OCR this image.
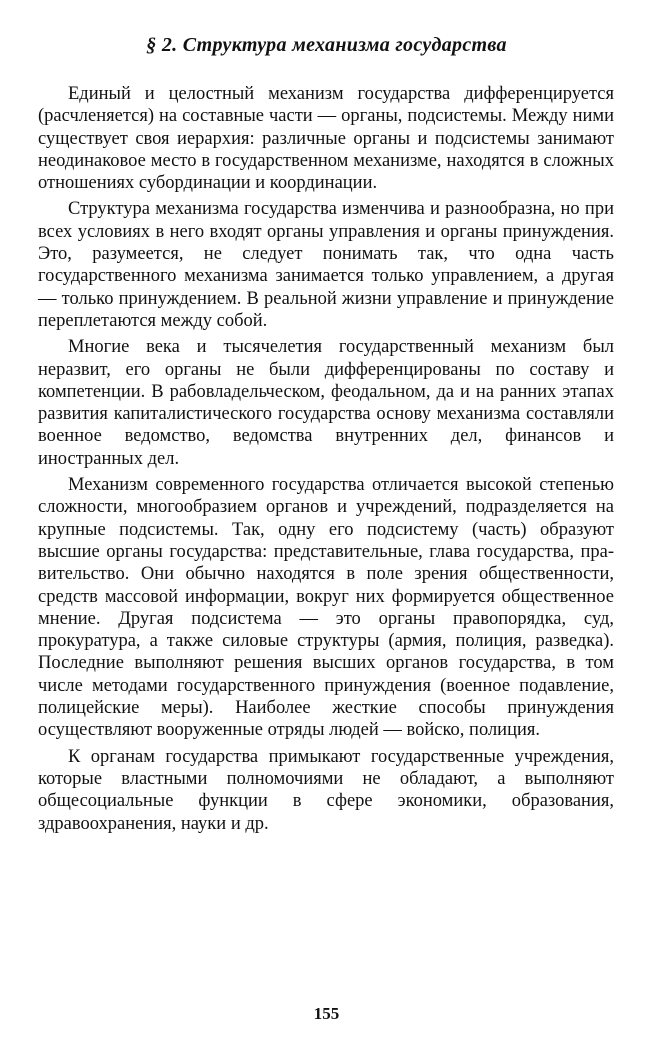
§ 2. Структура механизма государства

Единый и целостный механизм государства дифференцируется (расчленяется) на составные части — органы, подсистемы. Между ними существует своя иерархия: различные органы и подсистемы занимают неодинаковое место в государственном механизме, находятся в сложных отношениях субординации и координации.

Структура механизма государства изменчива и разнообразна, но при всех условиях в него входят органы управления и органы принуждения. Это, разумеется, не следует понимать так, что одна часть государственного механизма занимается только управлением, а другая — только принуждением. В реальной жизни управление и принуждение переплетаются между собой.

Многие века и тысячелетия государственный механизм был неразвит, его органы не были дифференцированы по составу и компетенции. В рабовладельческом, феодальном, да и на ранних этапах развития капиталистического государства основу механизма составляли военное ведомство, ведомства внутренних дел, финансов и иностранных дел.

Механизм современного государства отличается высокой степенью сложности, многообразием органов и учреждений, подразделяется на крупные подсистемы. Так, одну его подсистему (часть) образуют высшие органы государства: представительные, глава государства, правительство. Они обычно находятся в поле зрения общественности, средств массовой информации, вокруг них формируется общественное мнение. Другая подсистема — это органы правопорядка, суд, прокуратура, а также силовые структуры (армия, полиция, разведка). Последние выполняют решения высших органов государства, в том числе методами государственного принуждения (военное подавление, полицейские меры). Наиболее жесткие способы принуждения осуществляют вооруженные отряды людей — войско, полиция.

К органам государства примыкают государственные учреждения, которые властными полномочиями не обладают, а выполняют общесоциальные функции в сфере экономики, образования, здравоохранения, науки и др.

155
